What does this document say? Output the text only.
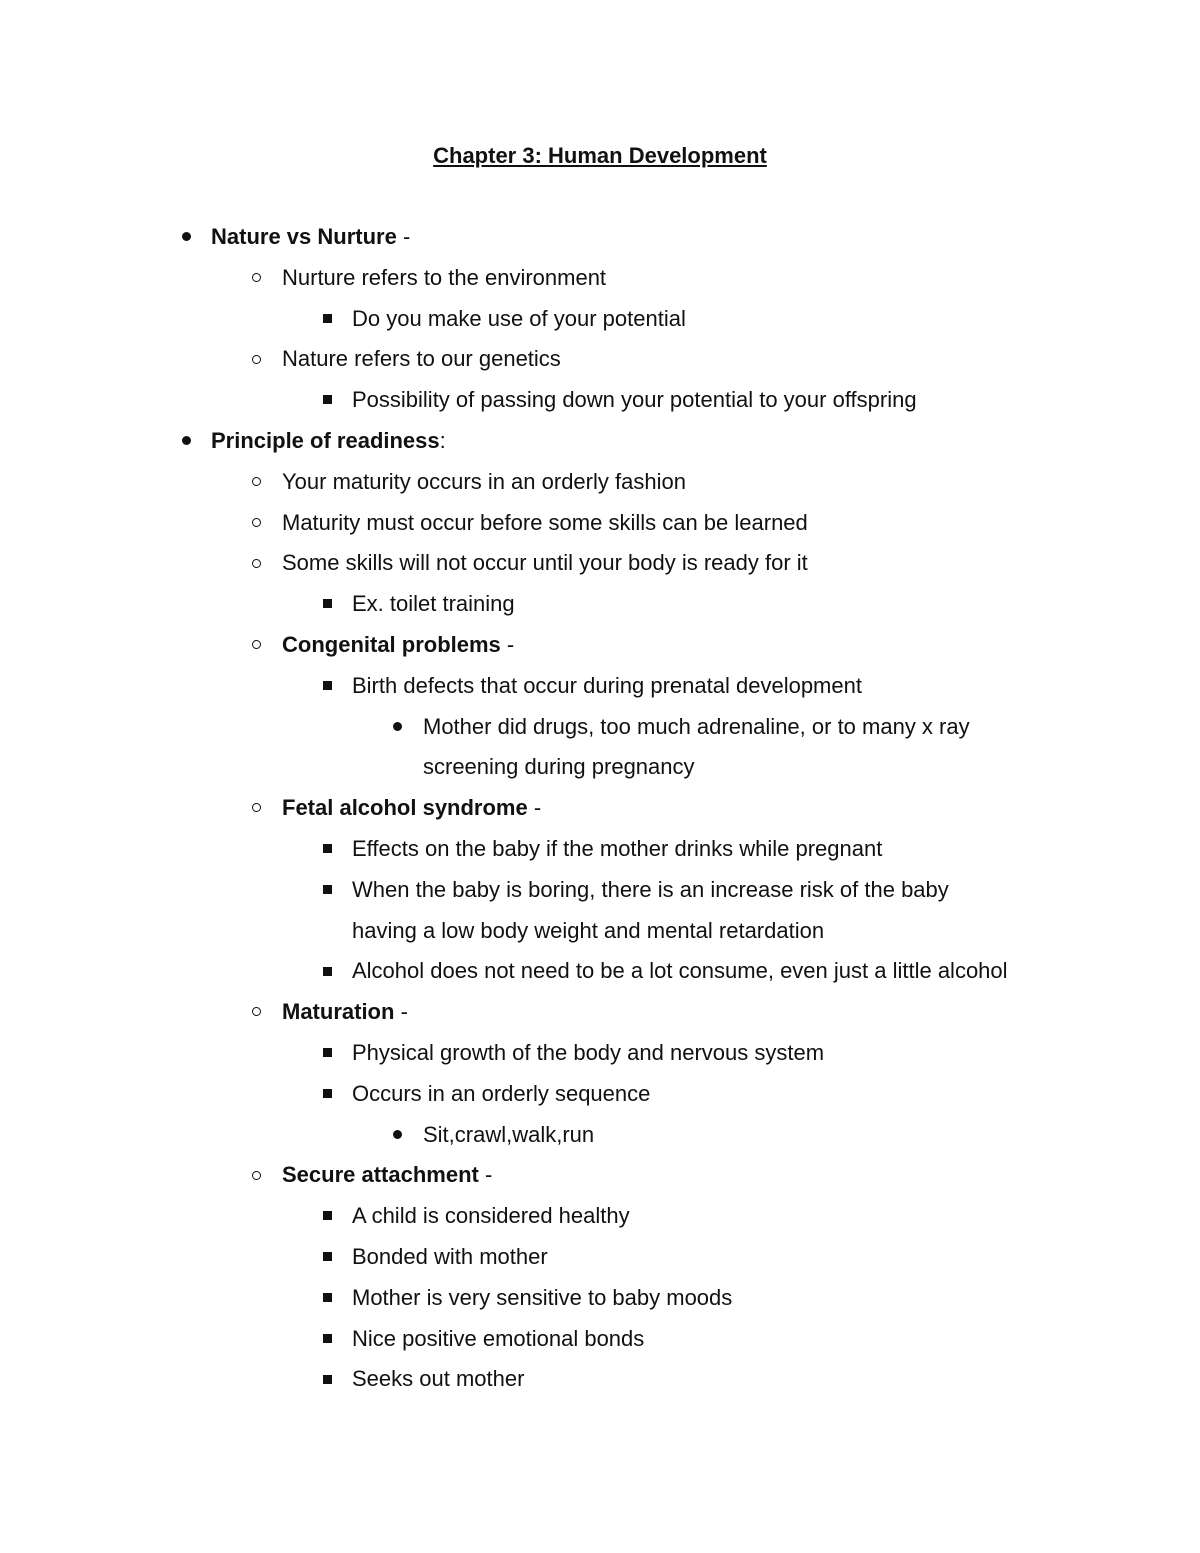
Chapter 3: Human Development
Nature vs Nurture -
Nurture refers to the environment
Do you make use of your potential
Nature refers to our genetics
Possibility of passing down your potential to your offspring
Principle of readiness:
Your maturity occurs in an orderly fashion
Maturity must occur before some skills can be learned
Some skills will not occur until your body is ready for it
Ex. toilet training
Congenital problems -
Birth defects that occur during prenatal development
Mother did drugs, too much adrenaline, or to many x ray
screening during pregnancy
Fetal alcohol syndrome -
Effects on the baby if the mother drinks while pregnant
When the baby is boring, there is an increase risk of the baby
having a low body weight and mental retardation
Alcohol does not need to be a lot consume, even just a little alcohol
Maturation -
Physical growth of the body and nervous system
Occurs in an orderly sequence
Sit,crawl,walk,run
Secure attachment -
A child is considered healthy
Bonded with mother
Mother is very sensitive to baby moods
Nice positive emotional bonds
Seeks out mother
